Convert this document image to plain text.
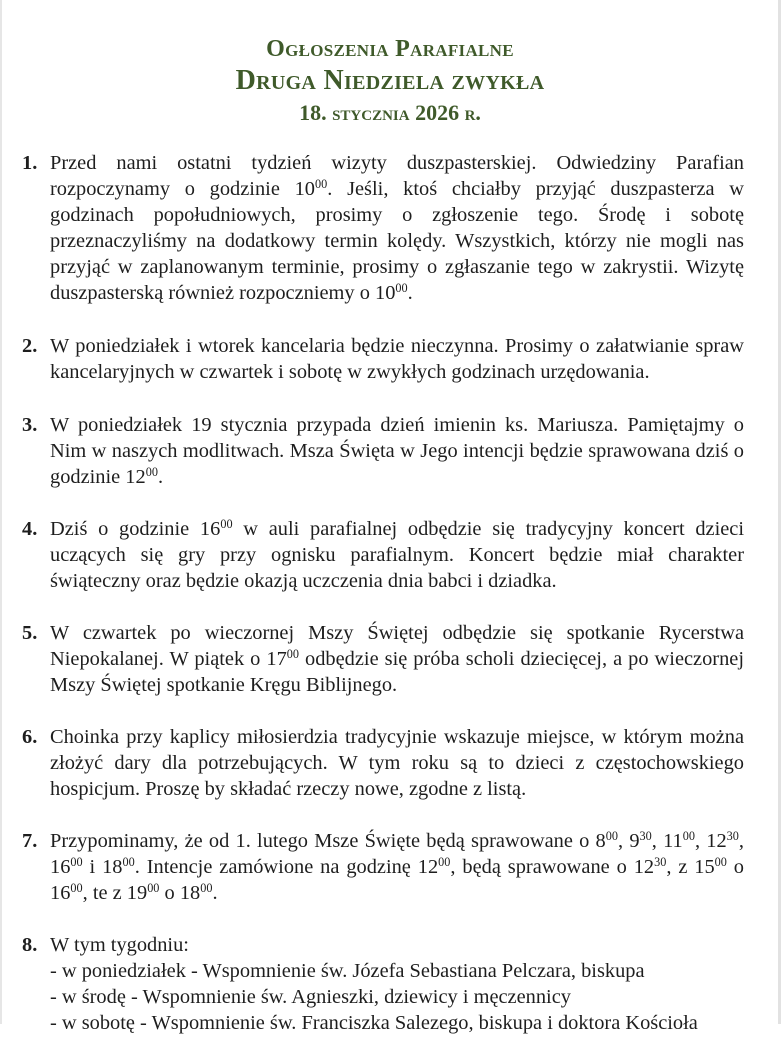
Ogłoszenia Parafialne
Druga Niedziela zwykła
18. stycznia 2026 r.
1. Przed nami ostatni tydzień wizyty duszpasterskiej. Odwiedziny Parafian rozpoczynamy o godzinie $10^{00}$. Jeśli, ktoś chciałby przyjąć duszpasterza w godzinach popołudniowych, prosimy o zgłoszenie tego. Środę i sobotę przeznaczyliśmy na dodatkowy termin kolędy. Wszystkich, którzy nie mogli nas przyjąć w zaplanowanym terminie, prosimy o zgłaszanie tego w zakrystii. Wizytę duszpasterską również rozpoczniemy o $10^{00}$.

2. W poniedziałek i wtorek kancelaria będzie nieczynna. Prosimy o załatwianie spraw kancelaryjnych w czwartek i sobotę w zwykłych godzinach urzędowania.

3. W poniedziałek 19 stycznia przypada dzień imienin ks. Mariusza. Pamiętajmy o Nim w naszych modlitwach. Msza Święta w Jego intencji będzie sprawowana dziś o godzinie $12^{00}$.

4. Dziś o godzinie $16^{00}$ w auli parafialnej odbędzie się tradycyjny koncert dzieci uczących się gry przy ognisku parafialnym. Koncert będzie miał charakter świąteczny oraz będzie okazją uczczenia dnia babci i dziadka.

5. W czwartek po wieczornej Mszy Świętej odbędzie się spotkanie Rycerstwa Niepokalanej. W piątek o $17^{00}$ odbędzie się próba scholi dziecięcej, a po wieczornej Mszy Świętej spotkanie Kręgu Biblijnego.

6. Choinka przy kaplicy miłosierdzia tradycyjnie wskazuje miejsce, w którym można złożyć dary dla potrzebujących. W tym roku są to dzieci z częstochowskiego hospicjum. Proszę by składać rzeczy nowe, zgodne z listą.

7. Przypominamy, że od 1. lutego Msze Święte będą sprawowane o $8^{00}$, $9^{30}$, $11^{00}$, $12^{30}$, $16^{00}$ i $18^{00}$. Intencje zamówione na godzinę $12^{00}$, będą sprawowane o $12^{30}$, z $15^{00}$ o $16^{00}$, te z $19^{00}$ o $18^{00}$.

8. W tym tygodniu:

- w poniedziałek - Wspomnienie św. Józefa Sebastiana Pelczara, biskupa

- w środę - Wspomnienie św. Agnieszki, dziewicy i męczennicy

- w sobotę - Wspomnienie św. Franciszka Salezego, biskupa i doktora Kościoła
